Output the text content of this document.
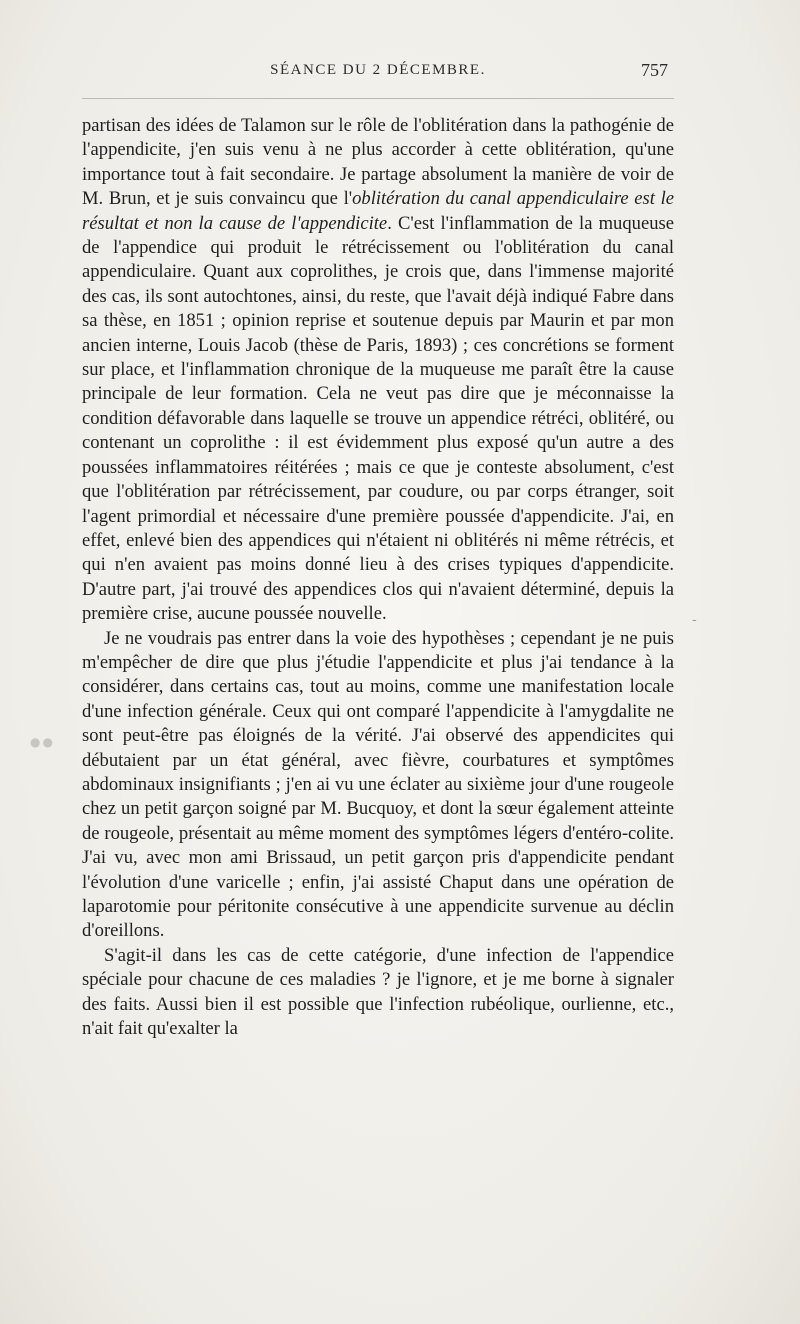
SÉANCE DU 2 DÉCEMBRE.	757
●●
-

partisan des idées de Talamon sur le rôle de l'oblitération dans la pathogénie de l'appendicite, j'en suis venu à ne plus accorder à cette oblitération, qu'une importance tout à fait secondaire. Je partage absolument la manière de voir de M. Brun, et je suis convaincu que l'oblitération du canal appendiculaire est le résultat et non la cause de l'appendicite. C'est l'inflammation de la muqueuse de l'appendice qui produit le rétrécissement ou l'oblitération du canal appendiculaire. Quant aux coprolithes, je crois que, dans l'immense majorité des cas, ils sont autochtones, ainsi, du reste, que l'avait déjà indiqué Fabre dans sa thèse, en 1851 ; opinion reprise et soutenue depuis par Maurin et par mon ancien interne, Louis Jacob (thèse de Paris, 1893) ; ces concrétions se forment sur place, et l'inflammation chronique de la muqueuse me paraît être la cause principale de leur formation. Cela ne veut pas dire que je méconnaisse la condition défavorable dans laquelle se trouve un appendice rétréci, oblitéré, ou contenant un coprolithe : il est évidemment plus exposé qu'un autre a des poussées inflammatoires réitérées ; mais ce que je conteste absolument, c'est que l'oblitération par rétrécissement, par coudure, ou par corps étranger, soit l'agent primordial et nécessaire d'une première poussée d'appendicite. J'ai, en effet, enlevé bien des appendices qui n'étaient ni oblitérés ni même rétrécis, et qui n'en avaient pas moins donné lieu à des crises typiques d'appendicite. D'autre part, j'ai trouvé des appendices clos qui n'avaient déterminé, depuis la première crise, aucune poussée nouvelle.

Je ne voudrais pas entrer dans la voie des hypothèses ; cependant je ne puis m'empêcher de dire que plus j'étudie l'appendicite et plus j'ai tendance à la considérer, dans certains cas, tout au moins, comme une manifestation locale d'une infection générale. Ceux qui ont comparé l'appendicite à l'amygdalite ne sont peut-être pas éloignés de la vérité. J'ai observé des appendicites qui débutaient par un état général, avec fièvre, courbatures et symptômes abdominaux insignifiants ; j'en ai vu une éclater au sixième jour d'une rougeole chez un petit garçon soigné par M. Bucquoy, et dont la sœur également atteinte de rougeole, présentait au même moment des symptômes légers d'entéro-colite. J'ai vu, avec mon ami Brissaud, un petit garçon pris d'appendicite pendant l'évolution d'une varicelle ; enfin, j'ai assisté Chaput dans une opération de laparotomie pour péritonite consécutive à une appendicite survenue au déclin d'oreillons.

S'agit-il dans les cas de cette catégorie, d'une infection de l'appendice spéciale pour chacune de ces maladies ? je l'ignore, et je me borne à signaler des faits. Aussi bien il est possible que l'infection rubéolique, ourlienne, etc., n'ait fait qu'exalter la
